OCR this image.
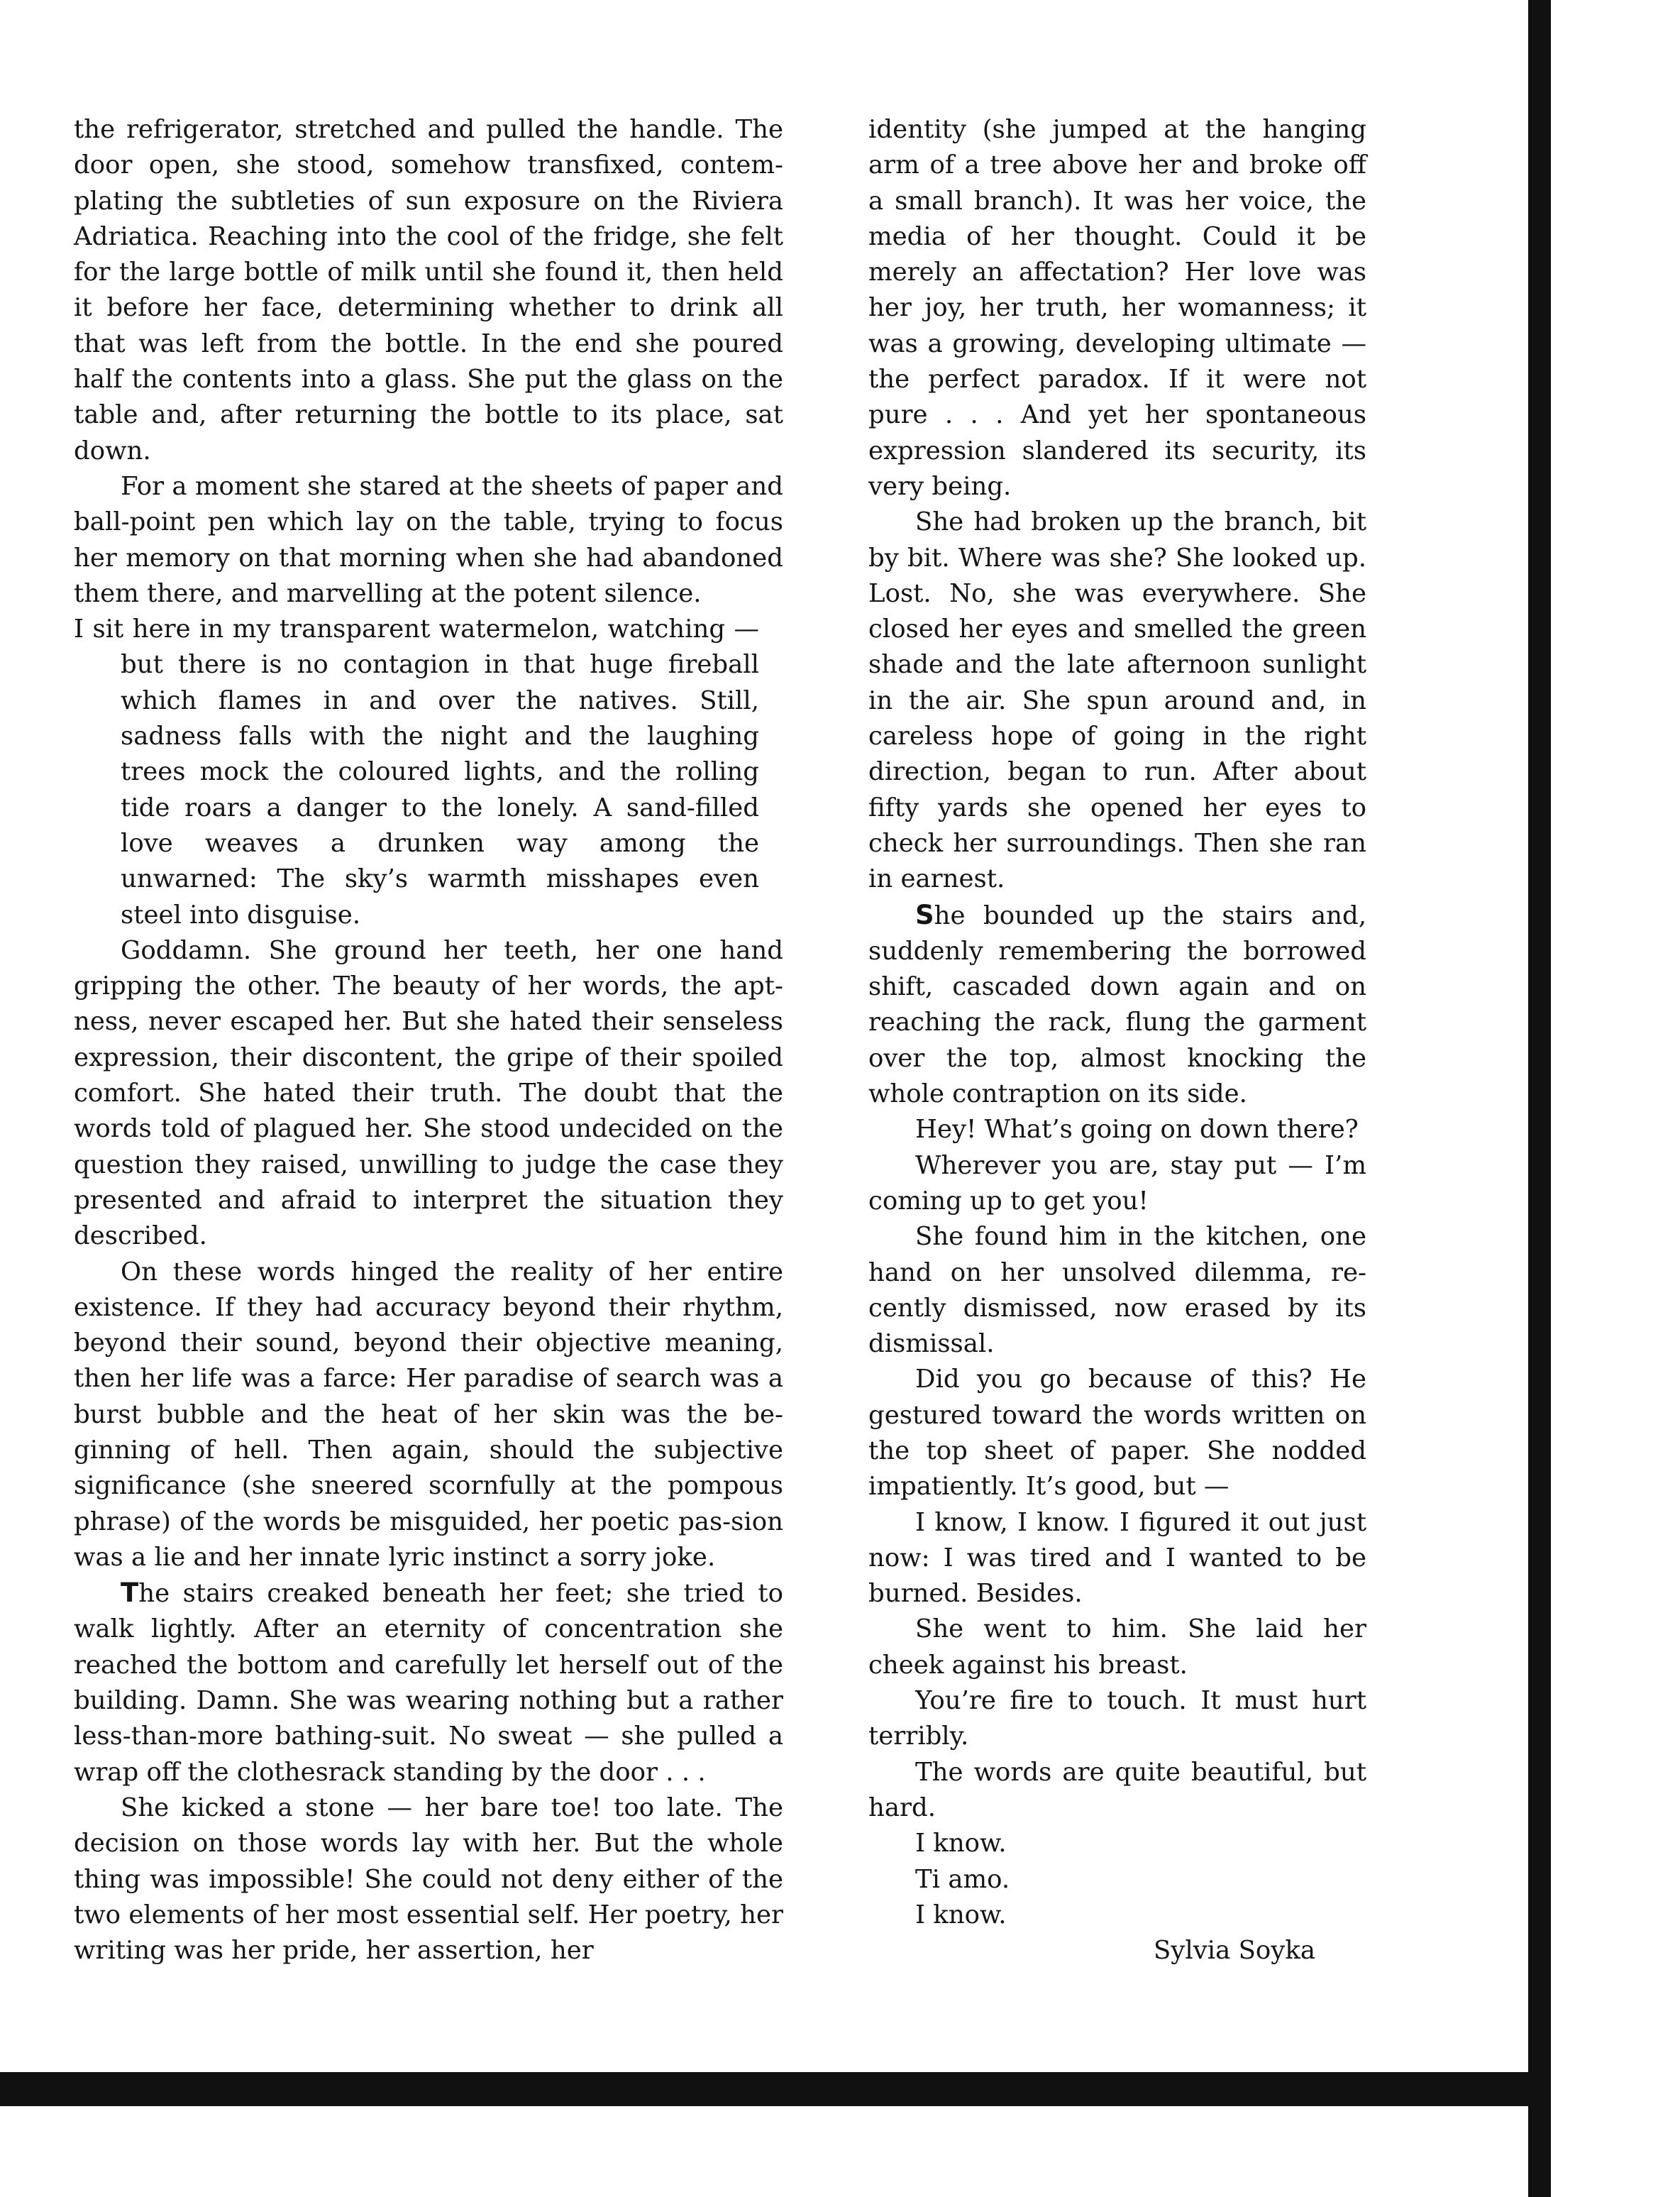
the refrigerator, stretched and pulled the handle. The door open, she stood, somehow transfixed, contem-plating the subtleties of sun exposure on the Riviera Adriatica. Reaching into the cool of the fridge, she felt for the large bottle of milk until she found it, then held it before her face, determining whether to drink all that was left from the bottle. In the end she poured half the contents into a glass. She put the glass on the table and, after returning the bottle to its place, sat down.

For a moment she stared at the sheets of paper and ball-point pen which lay on the table, trying to focus her memory on that morning when she had abandoned them there, and marvelling at the potent silence.

I sit here in my transparent watermelon, watching — but there is no contagion in that huge fireball which flames in and over the natives. Still, sadness falls with the night and the laughing trees mock the coloured lights, and the rolling tide roars a danger to the lonely. A sand-filled love weaves a drunken way among the unwarned: The sky’s warmth misshapes even steel into disguise.

Goddamn. She ground her teeth, her one hand gripping the other. The beauty of her words, the apt-ness, never escaped her. But she hated their senseless expression, their discontent, the gripe of their spoiled comfort. She hated their truth. The doubt that the words told of plagued her. She stood undecided on the question they raised, unwilling to judge the case they presented and afraid to interpret the situation they described.

On these words hinged the reality of her entire existence. If they had accuracy beyond their rhythm, beyond their sound, beyond their objective meaning, then her life was a farce: Her paradise of search was a burst bubble and the heat of her skin was the be-ginning of hell. Then again, should the subjective significance (she sneered scornfully at the pompous phrase) of the words be misguided, her poetic pas-sion was a lie and her innate lyric instinct a sorry joke.

The stairs creaked beneath her feet; she tried to walk lightly. After an eternity of concentration she reached the bottom and carefully let herself out of the building. Damn. She was wearing nothing but a rather less-than-more bathing-suit. No sweat — she pulled a wrap off the clothesrack standing by the door . . .

She kicked a stone — her bare toe! too late. The decision on those words lay with her. But the whole thing was impossible! She could not deny either of the two elements of her most essential self. Her poetry, her writing was her pride, her assertion, her

identity (she jumped at the hanging arm of a tree above her and broke off a small branch). It was her voice, the media of her thought. Could it be merely an affectation? Her love was her joy, her truth, her womanness; it was a growing, developing ultimate — the perfect paradox. If it were not pure . . . And yet her spontaneous expression slandered its security, its very being.

She had broken up the branch, bit by bit. Where was she? She looked up. Lost. No, she was everywhere. She closed her eyes and smelled the green shade and the late afternoon sunlight in the air. She spun around and, in careless hope of going in the right direction, began to run. After about fifty yards she opened her eyes to check her surroundings. Then she ran in earnest.

She bounded up the stairs and, suddenly remembering the borrowed shift, cascaded down again and on reaching the rack, flung the garment over the top, almost knocking the whole contraption on its side.

Hey! What’s going on down there?

Wherever you are, stay put — I’m coming up to get you!

She found him in the kitchen, one hand on her unsolved dilemma, re-cently dismissed, now erased by its dismissal.

Did you go because of this? He gestured toward the words written on the top sheet of paper. She nodded impatiently. It’s good, but —

I know, I know. I figured it out just now: I was tired and I wanted to be burned. Besides.

She went to him. She laid her cheek against his breast.

You’re fire to touch. It must hurt terribly.

The words are quite beautiful, but hard.

I know.

Ti amo.

I know.

Sylvia Soyka
